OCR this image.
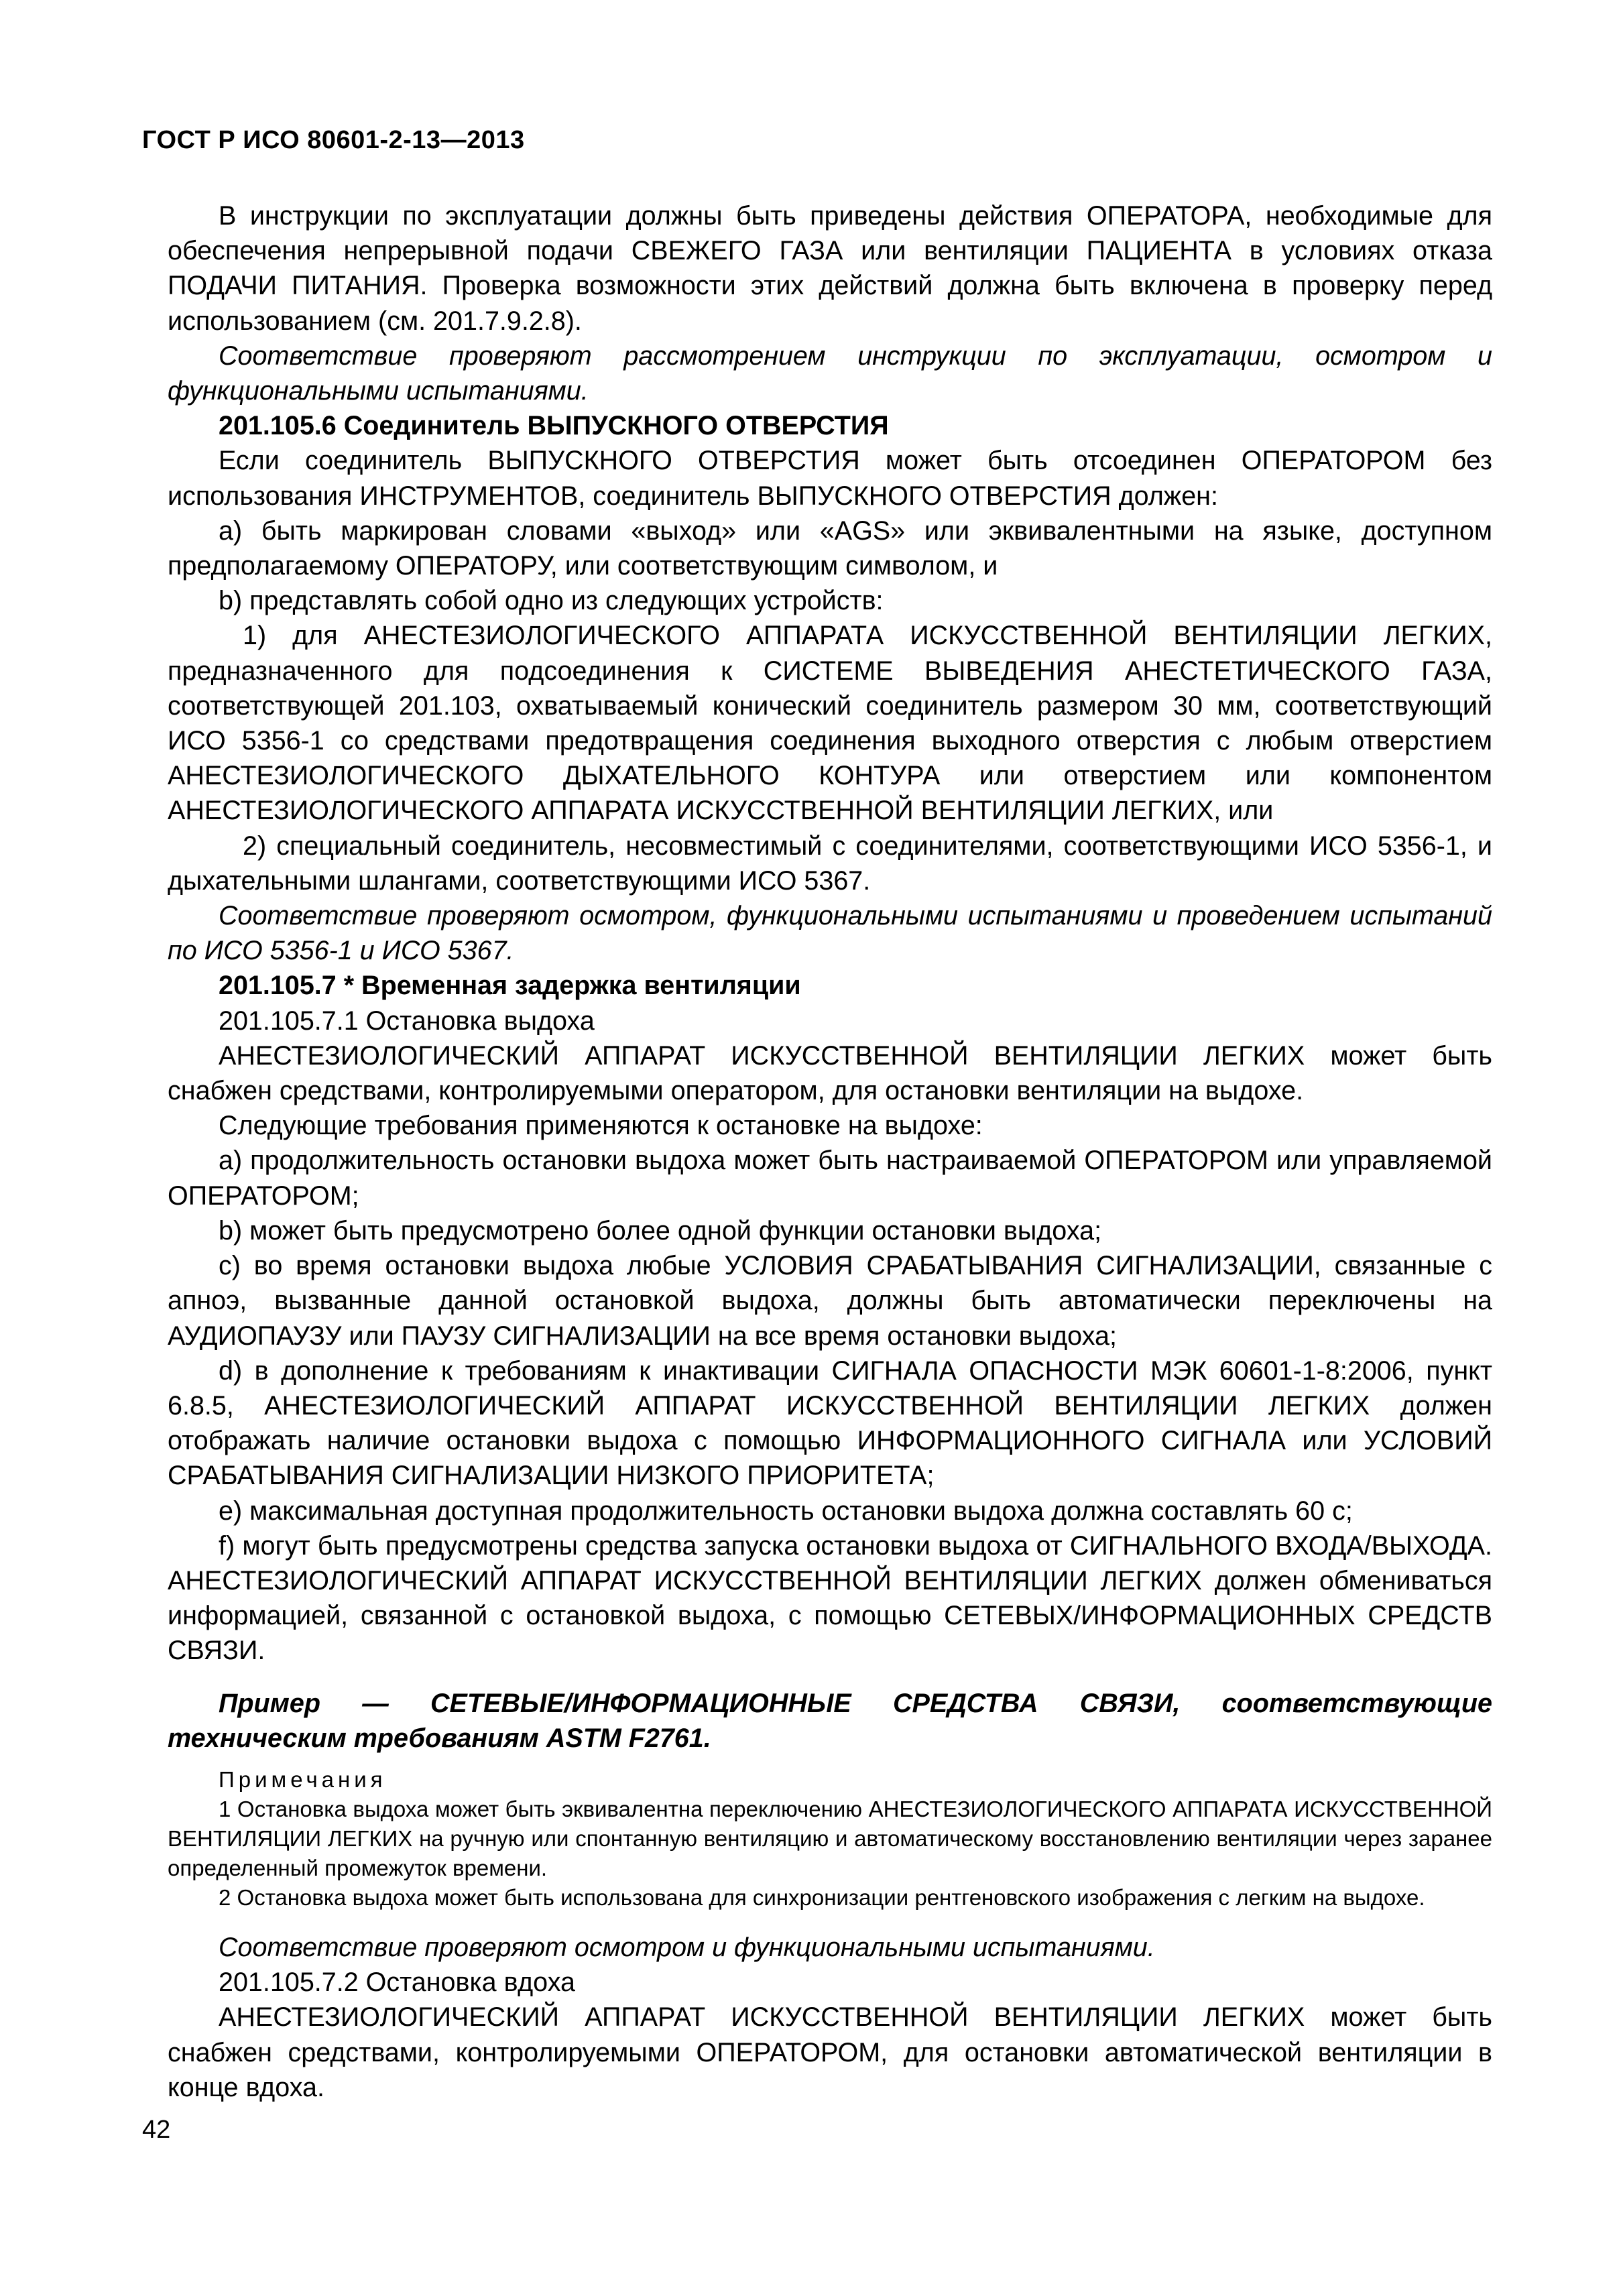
ГОСТ Р ИСО 80601-2-13—2013

В инструкции по эксплуатации должны быть приведены действия ОПЕРАТОРА, необходимые для обеспечения непрерывной подачи СВЕЖЕГО ГАЗА или вентиляции ПАЦИЕНТА в условиях отказа ПОДАЧИ ПИТАНИЯ. Проверка возможности этих действий должна быть включена в проверку перед использованием (см. 201.7.9.2.8).

Соответствие проверяют рассмотрением инструкции по эксплуатации, осмотром и функциональными испытаниями.

201.105.6 Соединитель ВЫПУСКНОГО ОТВЕРСТИЯ

Если соединитель ВЫПУСКНОГО ОТВЕРСТИЯ может быть отсоединен ОПЕРАТОРОМ без использования ИНСТРУМЕНТОВ, соединитель ВЫПУСКНОГО ОТВЕРСТИЯ должен:

a) быть маркирован словами «выход» или «AGS» или эквивалентными на языке, доступном предполагаемому ОПЕРАТОРУ, или соответствующим символом, и

b) представлять собой одно из следующих устройств:

1) для АНЕСТЕЗИОЛОГИЧЕСКОГО АППАРАТА ИСКУССТВЕННОЙ ВЕНТИЛЯЦИИ ЛЕГКИХ, предназначенного для подсоединения к СИСТЕМЕ ВЫВЕДЕНИЯ АНЕСТЕТИЧЕСКОГО ГАЗА, соответствующей 201.103, охватываемый конический соединитель размером 30 мм, соответствующий ИСО 5356-1 со средствами предотвращения соединения выходного отверстия с любым отверстием АНЕСТЕЗИОЛОГИЧЕСКОГО ДЫХАТЕЛЬНОГО КОНТУРА или отверстием или компонентом АНЕСТЕЗИОЛОГИЧЕСКОГО АППАРАТА ИСКУССТВЕННОЙ ВЕНТИЛЯЦИИ ЛЕГКИХ, или

2) специальный соединитель, несовместимый с соединителями, соответствующими ИСО 5356-1, и дыхательными шлангами, соответствующими ИСО 5367.

Соответствие проверяют осмотром, функциональными испытаниями и проведением испытаний по ИСО 5356-1 и ИСО 5367.

201.105.7 * Временная задержка вентиляции

201.105.7.1 Остановка выдоха

АНЕСТЕЗИОЛОГИЧЕСКИЙ АППАРАТ ИСКУССТВЕННОЙ ВЕНТИЛЯЦИИ ЛЕГКИХ может быть снабжен средствами, контролируемыми оператором, для остановки вентиляции на выдохе.

Следующие требования применяются к остановке на выдохе:

a) продолжительность остановки выдоха может быть настраиваемой ОПЕРАТОРОМ или управляемой ОПЕРАТОРОМ;

b) может быть предусмотрено более одной функции остановки выдоха;

c) во время остановки выдоха любые УСЛОВИЯ СРАБАТЫВАНИЯ СИГНАЛИЗАЦИИ, связанные с апноэ, вызванные данной остановкой выдоха, должны быть автоматически переключены на АУДИОПАУЗУ или ПАУЗУ СИГНАЛИЗАЦИИ на все время остановки выдоха;

d) в дополнение к требованиям к инактивации СИГНАЛА ОПАСНОСТИ МЭК 60601-1-8:2006, пункт 6.8.5, АНЕСТЕЗИОЛОГИЧЕСКИЙ АППАРАТ ИСКУССТВЕННОЙ ВЕНТИЛЯЦИИ ЛЕГКИХ должен отображать наличие остановки выдоха с помощью ИНФОРМАЦИОННОГО СИГНАЛА или УСЛОВИЙ СРАБАТЫВАНИЯ СИГНАЛИЗАЦИИ НИЗКОГО ПРИОРИТЕТА;

e) максимальная доступная продолжительность остановки выдоха должна составлять 60 с;

f) могут быть предусмотрены средства запуска остановки выдоха от СИГНАЛЬНОГО ВХОДА/ВЫХОДА. АНЕСТЕЗИОЛОГИЧЕСКИЙ АППАРАТ ИСКУССТВЕННОЙ ВЕНТИЛЯЦИИ ЛЕГКИХ должен обмениваться информацией, связанной с остановкой выдоха, с помощью СЕТЕВЫХ/ИНФОРМАЦИОННЫХ СРЕДСТВ СВЯЗИ.

Пример — СЕТЕВЫЕ/ИНФОРМАЦИОННЫЕ СРЕДСТВА СВЯЗИ, соответствующие техническим требованиям ASTM F2761.

Примечания

1 Остановка выдоха может быть эквивалентна переключению АНЕСТЕЗИОЛОГИЧЕСКОГО АППАРАТА ИСКУССТВЕННОЙ ВЕНТИЛЯЦИИ ЛЕГКИХ на ручную или спонтанную вентиляцию и автоматическому восстановлению вентиляции через заранее определенный промежуток времени.

2 Остановка выдоха может быть использована для синхронизации рентгеновского изображения с легким на выдохе.

Соответствие проверяют осмотром и функциональными испытаниями.

201.105.7.2 Остановка вдоха

АНЕСТЕЗИОЛОГИЧЕСКИЙ АППАРАТ ИСКУССТВЕННОЙ ВЕНТИЛЯЦИИ ЛЕГКИХ может быть снабжен средствами, контролируемыми ОПЕРАТОРОМ, для остановки автоматической вентиляции в конце вдоха.

42
